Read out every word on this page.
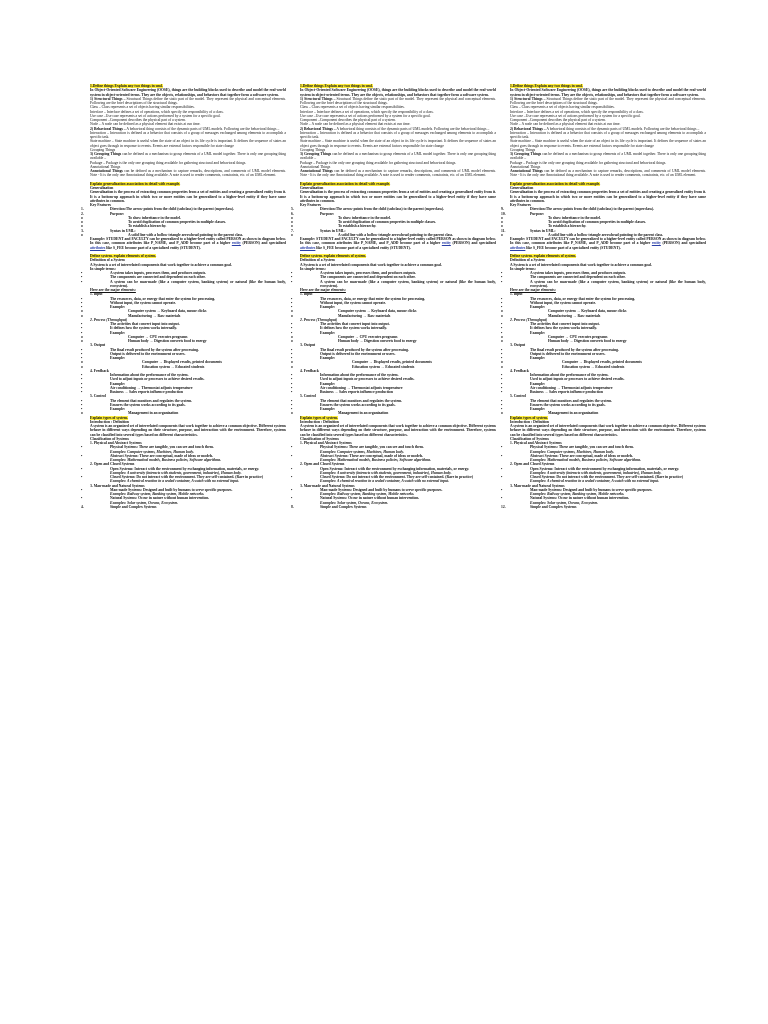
1.Define things Explain any two things in uml.

In Object-Oriented Software Engineering (OOSE), things are the building blocks used to describe and model the real-world system in object-oriented terms. They are the objects, relationships, and behaviors that together form a software system.

1) Structural Things – Structural Things define the static part of the model. They represent the physical and conceptual elements. Following are the brief descriptions of the structural things.

Class – Class represents a set of objects having similar responsibilities.

Interface – Interface defines a set of operations, which specify the responsibility of a class.

Use case –Use case represents a set of actions performed by a system for a specific goal.

Component –Component describes the physical part of a system.

Node – A node can be defined as a physical element that exists at run time.

2) Behavioral Things – A behavioral thing consists of the dynamic parts of UML models. Following are the behavioral things –

Interaction – Interaction is defined as a behavior that consists of a group of messages exchanged among elements to accomplish a specific task.

State machine – State machine is useful when the state of an object in its life cycle is important. It defines the sequence of states an object goes through in response to events. Events are external factors responsible for state change

Grouping Things

3) Grouping Things can be defined as a mechanism to group elements of a UML model together. There is only one grouping thing available –

Package – Package is the only one grouping thing available for gathering structural and behavioral things.

Annotational Things

Annotational Things can be defined as a mechanism to capture remarks, descriptions, and comments of UML model elements. Note - It is the only one Annotational thing available. A note is used to render comments, constraints, etc. of an UML element.

Explain generalization association in detail with example.

Generalization

Generalization is the process of extracting common properties from a set of entities and creating a generalized entity from it. It is a bottom-up approach in which two or more entities can be generalized to a higher-level entity if they have some attributes in common.

Key Features

1. Direction:The arrow points from the child (subclass) to the parent (superclass).

2. Purpose:

o To show inheritance in the model.

o To avoid duplication of common properties in multiple classes.

o To establish a hierarchy.

3. Syntax in UML:

o A solid line with a hollow triangle arrowhead pointing to the parent class.

Example: STUDENT and FACULTY can be generalized to a higher-level entity called PERSON as shown in diagram below. In this case, common attributes like P_NAME, and P_ADD become part of a higher entity (PERSON) and specialized attributes like S_FEE become part of a specialized entity (STUDENT).

Define system. explain elements of system.

Definition of a System

A System is a set of interrelated components that work together to achieve a common goal.

In simple terms:

• A system takes inputs, processes them, and produces outputs.

• The components are connected and dependent on each other.

• A system can be man-made (like a computer system, banking system) or natural (like the human body, ecosystem).

Here are the major elements:

1. Input

• The resources, data, or energy that enter the system for processing.

• Without input, the system cannot operate.

• Example:

o Computer system → Keyboard data, mouse clicks

o Manufacturing → Raw materials

2. Process (Throughput)

• The activities that convert input into output.

• It defines how the system works internally.

• Example:

o Computer → CPU executes programs

o Human body → Digestion converts food to energy

3. Output

• The final result produced by the system after processing.

• Output is delivered to the environment or users.

• Example:

o Computer → Displayed results, printed documents

o Education system → Educated students

4. Feedback

• Information about the performance of the system.

• Used to adjust inputs or processes to achieve desired results.

• Example:

• Air conditioning → Thermostat adjusts temperature

• Business → Sales reports influence production

5. Control

• The element that monitors and regulates the system.

• Ensures the system works according to its goals.

• Example:

o Management in an organization

Explain types of system.

Introduction : Definition

A system is an organized set of interrelated components that work together to achieve a common objective. Different systems behave in different ways depending on their structure, purpose, and interaction with the environment. Therefore, systems can be classified into several types based on different characteristics.

Classification of Systems

1. Physical and Abstract Systems

• Physical Systems: These are tangible, you can see and touch them.

Examples: Computer systems, Machines, Human body.

• Abstract Systems: These are conceptual, made of ideas or models.

Examples: Mathematical models, Business policies, Software algorithms.

2. Open and Closed Systems

• Open Systems: Interact with the environment by exchanging information, materials, or energy.

Examples: A university (interacts with students, government, industries), Human body.

• Closed Systems: Do not interact with the environment. They are self-contained. (Rare in practice)

Examples: A chemical reaction in a sealed container, A watch with no external input.

3. Man-made and Natural Systems

• Man-made Systems: Designed and built by humans to serve specific purposes.

Examples: Railway system, Banking system, Mobile networks.

• Natural Systems: Occur in nature without human intervention.

Examples: Solar system, Oceans, Ecosystem.

4. Simple and Complex Systems

1.Define things Explain any two things in uml.

In Object-Oriented Software Engineering (OOSE), things are the building blocks used to describe and model the real-world system in object-oriented terms. They are the objects, relationships, and behaviors that together form a software system.

1) Structural Things – Structural Things define the static part of the model. They represent the physical and conceptual elements. Following are the brief descriptions of the structural things.

Class – Class represents a set of objects having similar responsibilities.

Interface – Interface defines a set of operations, which specify the responsibility of a class.

Use case –Use case represents a set of actions performed by a system for a specific goal.

Component –Component describes the physical part of a system.

Node – A node can be defined as a physical element that exists at run time.

2) Behavioral Things – A behavioral thing consists of the dynamic parts of UML models. Following are the behavioral things –

Interaction – Interaction is defined as a behavior that consists of a group of messages exchanged among elements to accomplish a specific task.

State machine – State machine is useful when the state of an object in its life cycle is important. It defines the sequence of states an object goes through in response to events. Events are external factors responsible for state change

Grouping Things

3) Grouping Things can be defined as a mechanism to group elements of a UML model together. There is only one grouping thing available –

Package – Package is the only one grouping thing available for gathering structural and behavioral things.

Annotational Things

Annotational Things can be defined as a mechanism to capture remarks, descriptions, and comments of UML model elements. Note - It is the only one Annotational thing available. A note is used to render comments, constraints, etc. of an UML element.

Explain generalization association in detail with example.

Generalization

Generalization is the process of extracting common properties from a set of entities and creating a generalized entity from it. It is a bottom-up approach in which two or more entities can be generalized to a higher-level entity if they have some attributes in common.

Key Features

5. Direction:The arrow points from the child (subclass) to the parent (superclass).

6. Purpose:

o To show inheritance in the model.

o To avoid duplication of common properties in multiple classes.

o To establish a hierarchy.

7. Syntax in UML:

o A solid line with a hollow triangle arrowhead pointing to the parent class.

Example: STUDENT and FACULTY can be generalized to a higher-level entity called PERSON as shown in diagram below. In this case, common attributes like P_NAME, and P_ADD become part of a higher entity (PERSON) and specialized attributes like S_FEE become part of a specialized entity (STUDENT).

Define system. explain elements of system.

Definition of a System

A System is a set of interrelated components that work together to achieve a common goal.

In simple terms:

• A system takes inputs, processes them, and produces outputs.

• The components are connected and dependent on each other.

• A system can be man-made (like a computer system, banking system) or natural (like the human body, ecosystem).

Here are the major elements:

1. Input

• The resources, data, or energy that enter the system for processing.

• Without input, the system cannot operate.

• Example:

o Computer system → Keyboard data, mouse clicks

o Manufacturing → Raw materials

2. Process (Throughput)

• The activities that convert input into output.

• It defines how the system works internally.

• Example:

o Computer → CPU executes programs

o Human body → Digestion converts food to energy

3. Output

• The final result produced by the system after processing.

• Output is delivered to the environment or users.

• Example:

o Computer → Displayed results, printed documents

o Education system → Educated students

4. Feedback

• Information about the performance of the system.

• Used to adjust inputs or processes to achieve desired results.

• Example:

• Air conditioning → Thermostat adjusts temperature

• Business → Sales reports influence production

5. Control

• The element that monitors and regulates the system.

• Ensures the system works according to its goals.

• Example:

o Management in an organization

Explain types of system.

Introduction : Definition

A system is an organized set of interrelated components that work together to achieve a common objective. Different systems behave in different ways depending on their structure, purpose, and interaction with the environment. Therefore, systems can be classified into several types based on different characteristics.

Classification of Systems

1. Physical and Abstract Systems

• Physical Systems: These are tangible, you can see and touch them.

Examples: Computer systems, Machines, Human body.

• Abstract Systems: These are conceptual, made of ideas or models.

Examples: Mathematical models, Business policies, Software algorithms.

2. Open and Closed Systems

• Open Systems: Interact with the environment by exchanging information, materials, or energy.

Examples: A university (interacts with students, government, industries), Human body.

• Closed Systems: Do not interact with the environment. They are self-contained. (Rare in practice)

Examples: A chemical reaction in a sealed container, A watch with no external input.

3. Man-made and Natural Systems

• Man-made Systems: Designed and built by humans to serve specific purposes.

Examples: Railway system, Banking system, Mobile networks.

• Natural Systems: Occur in nature without human intervention.

Examples: Solar system, Oceans, Ecosystem.

8. Simple and Complex Systems

1.Define things Explain any two things in uml.

In Object-Oriented Software Engineering (OOSE), things are the building blocks used to describe and model the real-world system in object-oriented terms. They are the objects, relationships, and behaviors that together form a software system.

1) Structural Things – Structural Things define the static part of the model. They represent the physical and conceptual elements. Following are the brief descriptions of the structural things.

Class – Class represents a set of objects having similar responsibilities.

Interface – Interface defines a set of operations, which specify the responsibility of a class.

Use case –Use case represents a set of actions performed by a system for a specific goal.

Component –Component describes the physical part of a system.

Node – A node can be defined as a physical element that exists at run time.

2) Behavioral Things – A behavioral thing consists of the dynamic parts of UML models. Following are the behavioral things –

Interaction – Interaction is defined as a behavior that consists of a group of messages exchanged among elements to accomplish a specific task.

State machine – State machine is useful when the state of an object in its life cycle is important. It defines the sequence of states an object goes through in response to events. Events are external factors responsible for state change

Grouping Things

3) Grouping Things can be defined as a mechanism to group elements of a UML model together. There is only one grouping thing available –

Package – Package is the only one grouping thing available for gathering structural and behavioral things.

Annotational Things

Annotational Things can be defined as a mechanism to capture remarks, descriptions, and comments of UML model elements. Note - It is the only one Annotational thing available. A note is used to render comments, constraints, etc. of an UML element.

Explain generalization association in detail with example.

Generalization

Generalization is the process of extracting common properties from a set of entities and creating a generalized entity from it. It is a bottom-up approach in which two or more entities can be generalized to a higher-level entity if they have some attributes in common.

Key Features

9. Direction:The arrow points from the child (subclass) to the parent (superclass).

10. Purpose:

o To show inheritance in the model.

o To avoid duplication of common properties in multiple classes.

o To establish a hierarchy.

11. Syntax in UML:

o A solid line with a hollow triangle arrowhead pointing to the parent class.

Example: STUDENT and FACULTY can be generalized to a higher-level entity called PERSON as shown in diagram below. In this case, common attributes like P_NAME, and P_ADD become part of a higher entity (PERSON) and specialized attributes like S_FEE become part of a specialized entity (STUDENT).

Define system. explain elements of system.

Definition of a System

A System is a set of interrelated components that work together to achieve a common goal.

In simple terms:

• A system takes inputs, processes them, and produces outputs.

• The components are connected and dependent on each other.

• A system can be man-made (like a computer system, banking system) or natural (like the human body, ecosystem).

Here are the major elements:

1. Input

• The resources, data, or energy that enter the system for processing.

• Without input, the system cannot operate.

• Example:

o Computer system → Keyboard data, mouse clicks

o Manufacturing → Raw materials

2. Process (Throughput)

• The activities that convert input into output.

• It defines how the system works internally.

• Example:

o Computer → CPU executes programs

o Human body → Digestion converts food to energy

3. Output

• The final result produced by the system after processing.

• Output is delivered to the environment or users.

• Example:

o Computer → Displayed results, printed documents

o Education system → Educated students

4. Feedback

• Information about the performance of the system.

• Used to adjust inputs or processes to achieve desired results.

• Example:

• Air conditioning → Thermostat adjusts temperature

• Business → Sales reports influence production

5. Control

• The element that monitors and regulates the system.

• Ensures the system works according to its goals.

• Example:

o Management in an organization

Explain types of system.

Introduction : Definition

A system is an organized set of interrelated components that work together to achieve a common objective. Different systems behave in different ways depending on their structure, purpose, and interaction with the environment. Therefore, systems can be classified into several types based on different characteristics.

Classification of Systems

1. Physical and Abstract Systems

• Physical Systems: These are tangible, you can see and touch them.

Examples: Computer systems, Machines, Human body.

• Abstract Systems: These are conceptual, made of ideas or models.

Examples: Mathematical models, Business policies, Software algorithms.

2. Open and Closed Systems

• Open Systems: Interact with the environment by exchanging information, materials, or energy.

Examples: A university (interacts with students, government, industries), Human body.

• Closed Systems: Do not interact with the environment. They are self-contained. (Rare in practice)

Examples: A chemical reaction in a sealed container, A watch with no external input.

3. Man-made and Natural Systems

• Man-made Systems: Designed and built by humans to serve specific purposes.

Examples: Railway system, Banking system, Mobile networks.

• Natural Systems: Occur in nature without human intervention.

Examples: Solar system, Oceans, Ecosystem.

12. Simple and Complex Systems
